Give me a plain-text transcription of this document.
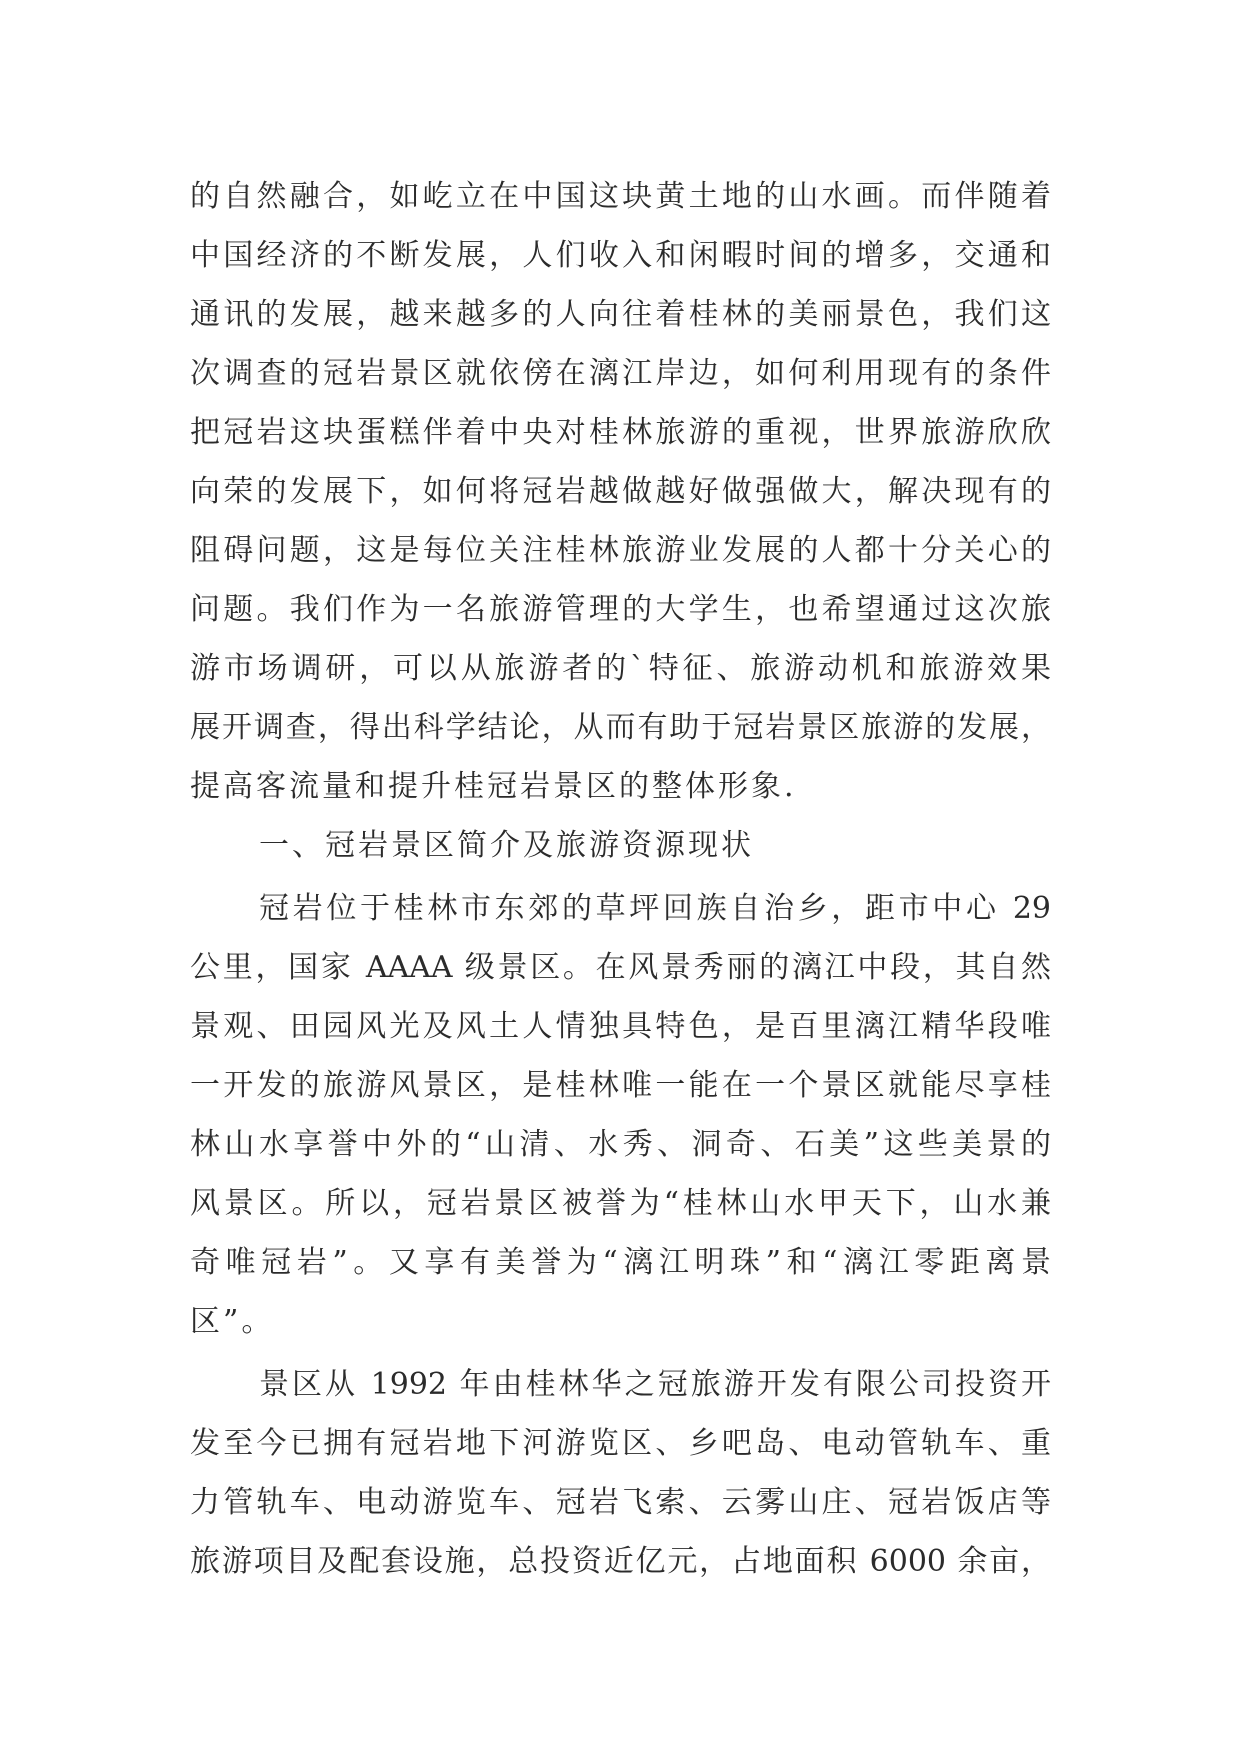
的自然融合，如屹立在中国这块黄土地的山水画。而伴随着
中国经济的不断发展，人们收入和闲暇时间的增多，交通和
通讯的发展，越来越多的人向往着桂林的美丽景色，我们这
次调查的冠岩景区就依傍在漓江岸边，如何利用现有的条件
把冠岩这块蛋糕伴着中央对桂林旅游的重视，世界旅游欣欣
向荣的发展下，如何将冠岩越做越好做强做大，解决现有的
阻碍问题，这是每位关注桂林旅游业发展的人都十分关心的
问题。我们作为一名旅游管理的大学生，也希望通过这次旅
游市场调研，可以从旅游者的`特征、旅游动机和旅游效果
展开调查，得出科学结论，从而有助于冠岩景区旅游的发展，
提高客流量和提升桂冠岩景区的整体形象.
一、冠岩景区简介及旅游资源现状
冠岩位于桂林市东郊的草坪回族自治乡，距市中心 29
公里，国家 AAAA 级景区。在风景秀丽的漓江中段，其自然
景观、田园风光及风土人情独具特色，是百里漓江精华段唯
一开发的旅游风景区，是桂林唯一能在一个景区就能尽享桂
林山水享誉中外的“山清、水秀、洞奇、石美”这些美景的
风景区。所以，冠岩景区被誉为“桂林山水甲天下，山水兼
奇唯冠岩”。又享有美誉为“漓江明珠”和“漓江零距离景
区”。
景区从 1992 年由桂林华之冠旅游开发有限公司投资开
发至今已拥有冠岩地下河游览区、乡吧岛、电动管轨车、重
力管轨车、电动游览车、冠岩飞索、云雾山庄、冠岩饭店等
旅游项目及配套设施，总投资近亿元，占地面积 6000 余亩，
